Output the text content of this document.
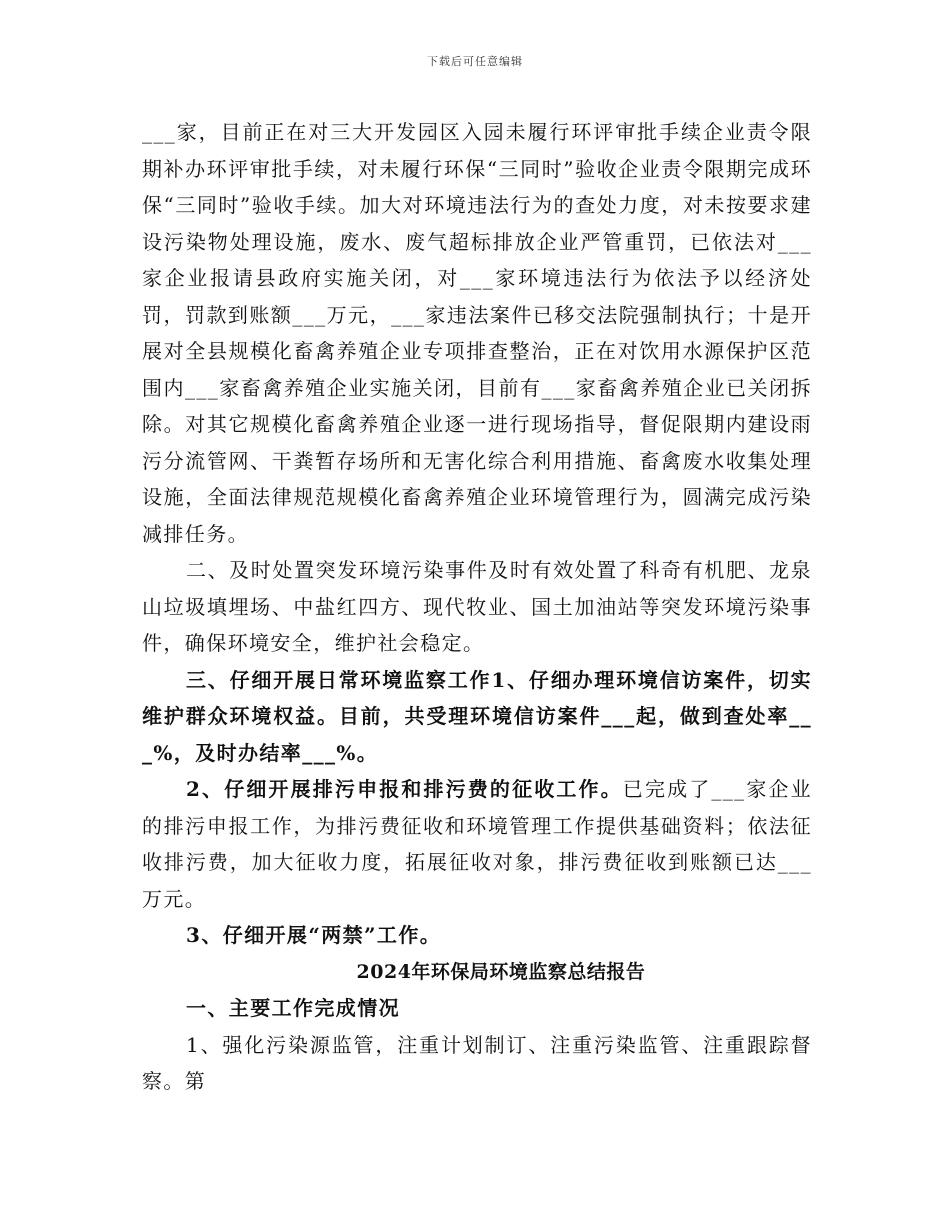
下载后可任意编辑

___家，目前正在对三大开发园区入园未履行环评审批手续企业责令限期补办环评审批手续，对未履行环保“三同时”验收企业责令限期完成环保“三同时”验收手续。加大对环境违法行为的查处力度，对未按要求建设污染物处理设施，废水、废气超标排放企业严管重罚，已依法对___家企业报请县政府实施关闭，对___家环境违法行为依法予以经济处罚，罚款到账额___万元，___家违法案件已移交法院强制执行；十是开展对全县规模化畜禽养殖企业专项排查整治，正在对饮用水源保护区范围内___家畜禽养殖企业实施关闭，目前有___家畜禽养殖企业已关闭拆除。对其它规模化畜禽养殖企业逐一进行现场指导，督促限期内建设雨污分流管网、干粪暂存场所和无害化综合利用措施、畜禽废水收集处理设施，全面法律规范规模化畜禽养殖企业环境管理行为，圆满完成污染减排任务。

二、及时处置突发环境污染事件及时有效处置了科奇有机肥、龙泉山垃圾填埋场、中盐红四方、现代牧业、国土加油站等突发环境污染事件，确保环境安全，维护社会稳定。

三、仔细开展日常环境监察工作1、仔细办理环境信访案件，切实维护群众环境权益。目前，共受理环境信访案件___起，做到查处率___%，及时办结率___%。

2、仔细开展排污申报和排污费的征收工作。已完成了___家企业的排污申报工作，为排污费征收和环境管理工作提供基础资料；依法征收排污费，加大征收力度，拓展征收对象，排污费征收到账额已达___万元。

3、仔细开展“两禁”工作。

2024年环保局环境监察总结报告

一、主要工作完成情况

1、强化污染源监管，注重计划制订、注重污染监管、注重跟踪督察。第
